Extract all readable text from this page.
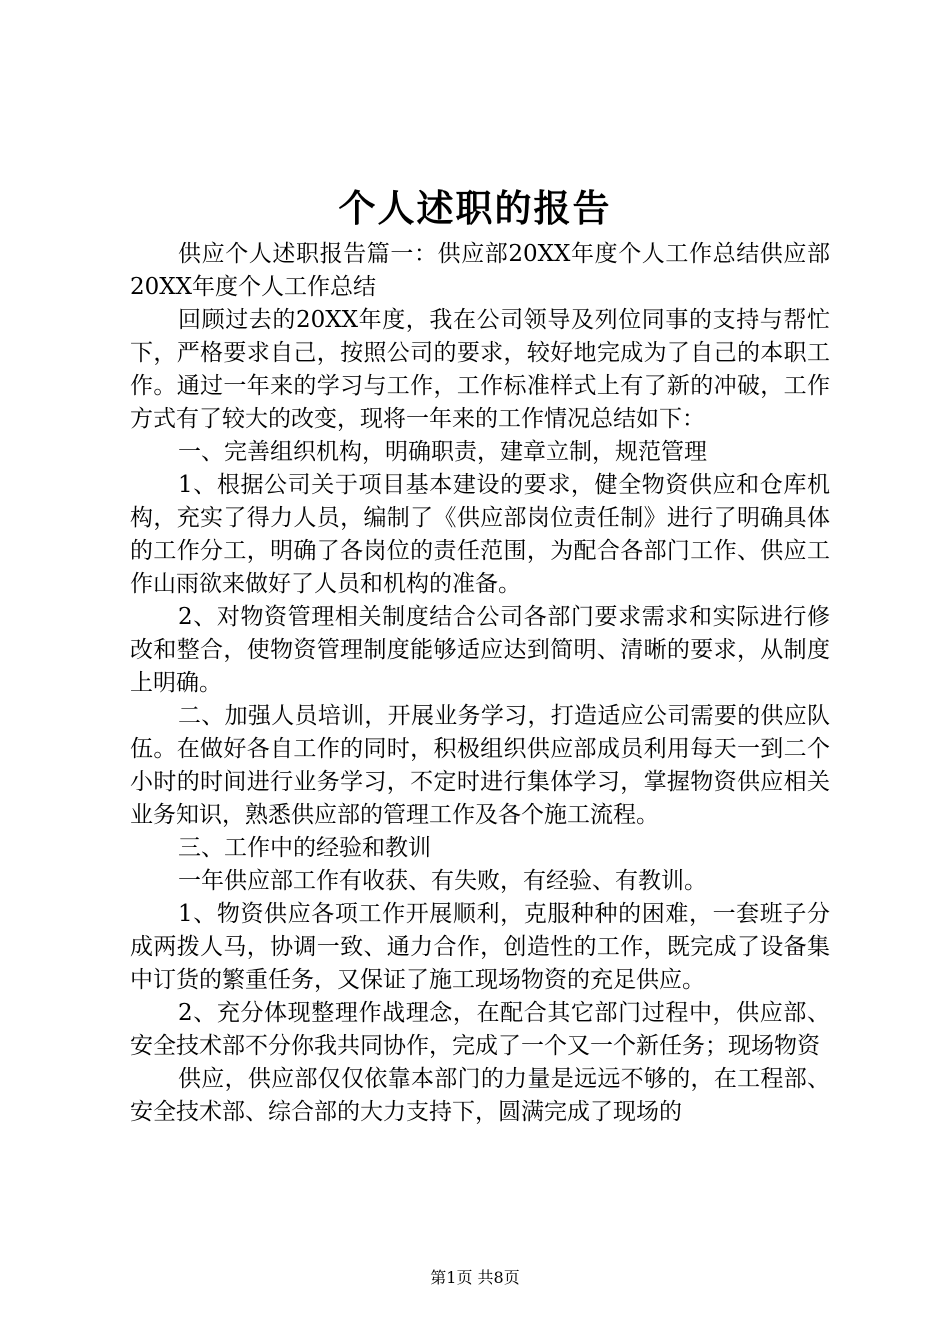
个人述职的报告

供应个人述职报告篇一：供应部20XX年度个人工作总结供应部20XX年度个人工作总结

回顾过去的20XX年度，我在公司领导及列位同事的支持与帮忙下，严格要求自己，按照公司的要求，较好地完成为了自己的本职工作。通过一年来的学习与工作，工作标准样式上有了新的冲破，工作方式有了较大的改变，现将一年来的工作情况总结如下：

一、完善组织机构，明确职责，建章立制，规范管理

1、根据公司关于项目基本建设的要求，健全物资供应和仓库机构，充实了得力人员，编制了《供应部岗位责任制》进行了明确具体的工作分工，明确了各岗位的责任范围，为配合各部门工作、供应工作山雨欲来做好了人员和机构的准备。

2、对物资管理相关制度结合公司各部门要求需求和实际进行修改和整合，使物资管理制度能够适应达到简明、清晰的要求，从制度上明确。

二、加强人员培训，开展业务学习，打造适应公司需要的供应队伍。在做好各自工作的同时，积极组织供应部成员利用每天一到二个小时的时间进行业务学习，不定时进行集体学习，掌握物资供应相关业务知识，熟悉供应部的管理工作及各个施工流程。

三、工作中的经验和教训

一年供应部工作有收获、有失败，有经验、有教训。

1、物资供应各项工作开展顺利，克服种种的困难，一套班子分成两拨人马，协调一致、通力合作，创造性的工作，既完成了设备集中订货的繁重任务，又保证了施工现场物资的充足供应。

2、充分体现整理作战理念，在配合其它部门过程中，供应部、安全技术部不分你我共同协作，完成了一个又一个新任务；现场物资

供应，供应部仅仅依靠本部门的力量是远远不够的，在工程部、安全技术部、综合部的大力支持下，圆满完成了现场的

第1页 共8页
